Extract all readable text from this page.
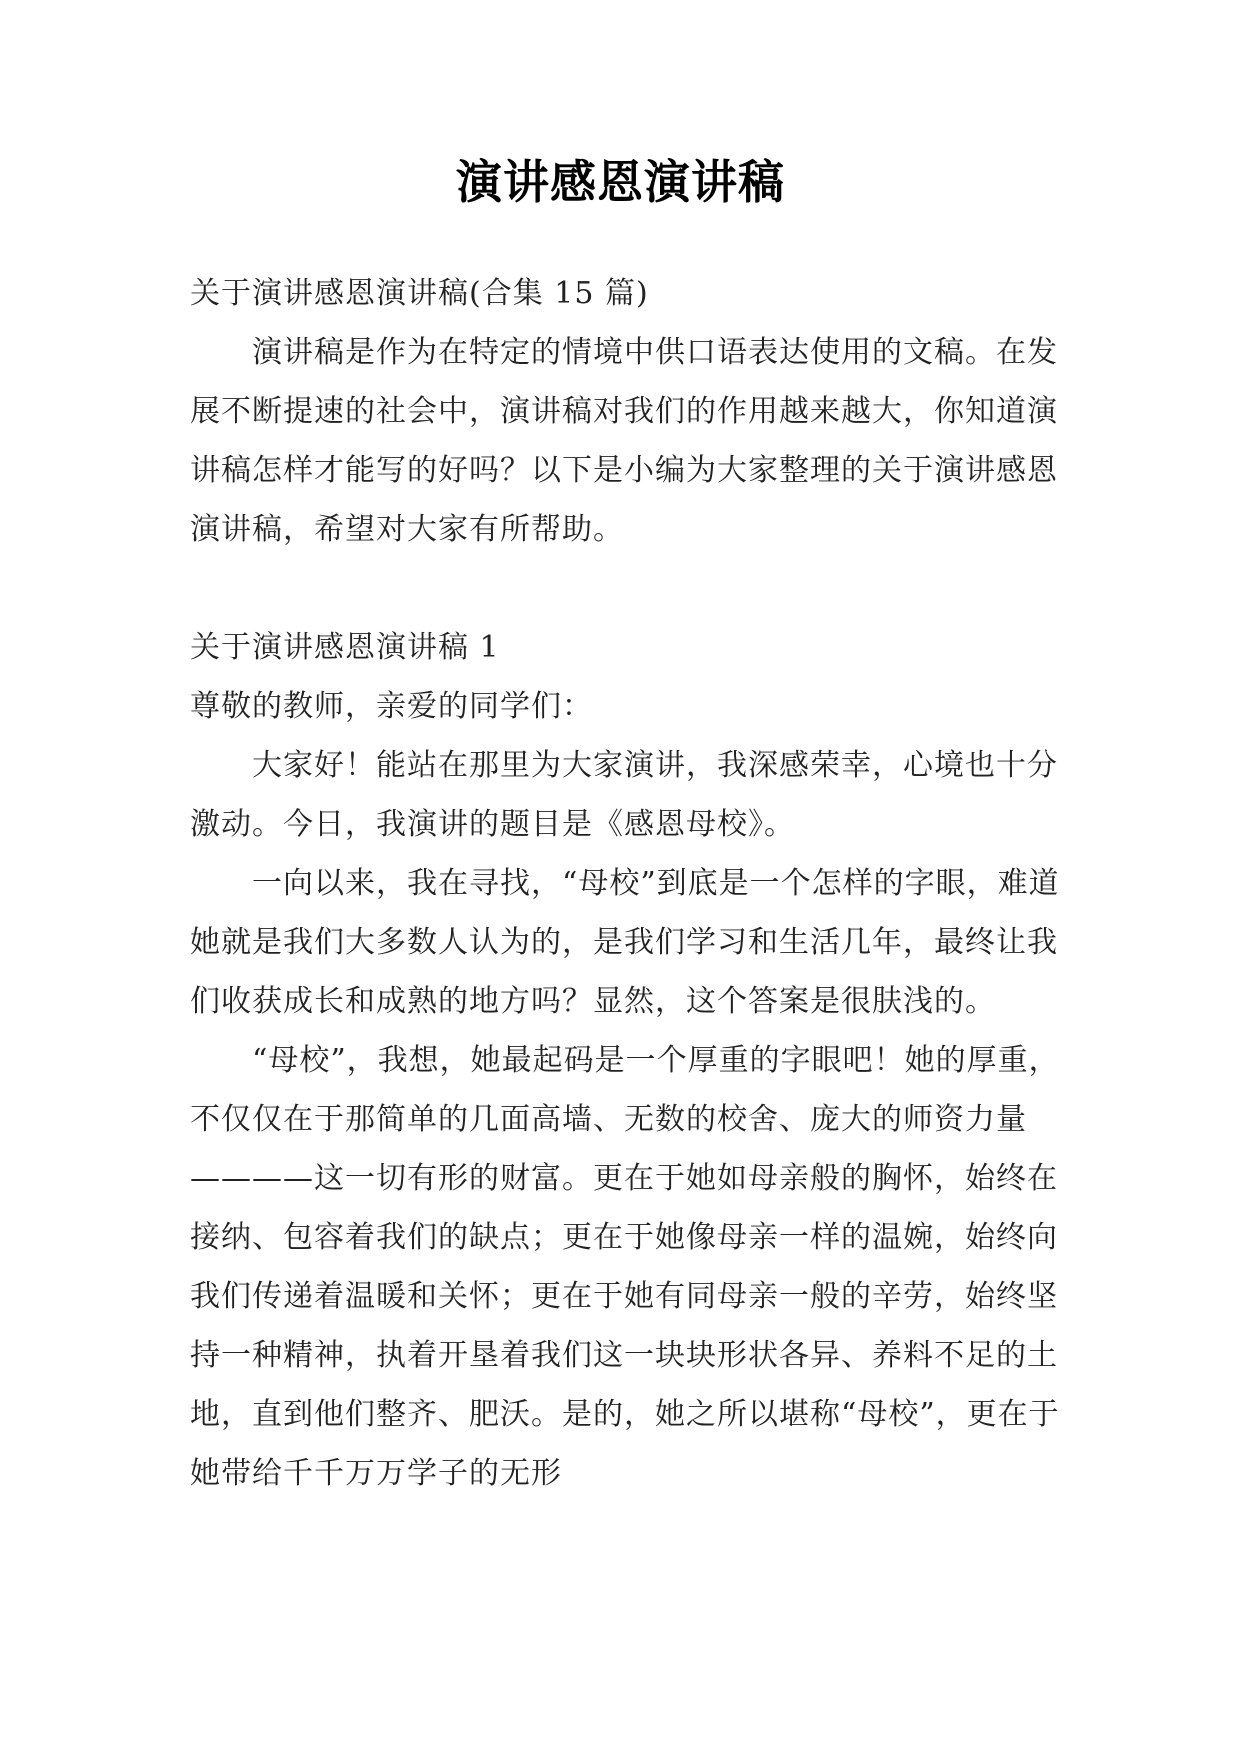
演讲感恩演讲稿

关于演讲感恩演讲稿(合集 15 篇)

演讲稿是作为在特定的情境中供口语表达使用的文稿。在发展不断提速的社会中，演讲稿对我们的作用越来越大，你知道演讲稿怎样才能写的好吗？以下是小编为大家整理的关于演讲感恩演讲稿，希望对大家有所帮助。

关于演讲感恩演讲稿 1

尊敬的教师，亲爱的同学们：

大家好！能站在那里为大家演讲，我深感荣幸，心境也十分激动。今日，我演讲的题目是《感恩母校》。

一向以来，我在寻找，“母校”到底是一个怎样的字眼，难道她就是我们大多数人认为的，是我们学习和生活几年，最终让我们收获成长和成熟的地方吗？显然，这个答案是很肤浅的。

“母校”，我想，她最起码是一个厚重的字眼吧！她的厚重，不仅仅在于那简单的几面高墙、无数的校舍、庞大的师资力量————这一切有形的财富。更在于她如母亲般的胸怀，始终在接纳、包容着我们的缺点；更在于她像母亲一样的温婉，始终向我们传递着温暖和关怀；更在于她有同母亲一般的辛劳，始终坚持一种精神，执着开垦着我们这一块块形状各异、养料不足的土地，直到他们整齐、肥沃。是的，她之所以堪称“母校”，更在于她带给千千万万学子的无形
